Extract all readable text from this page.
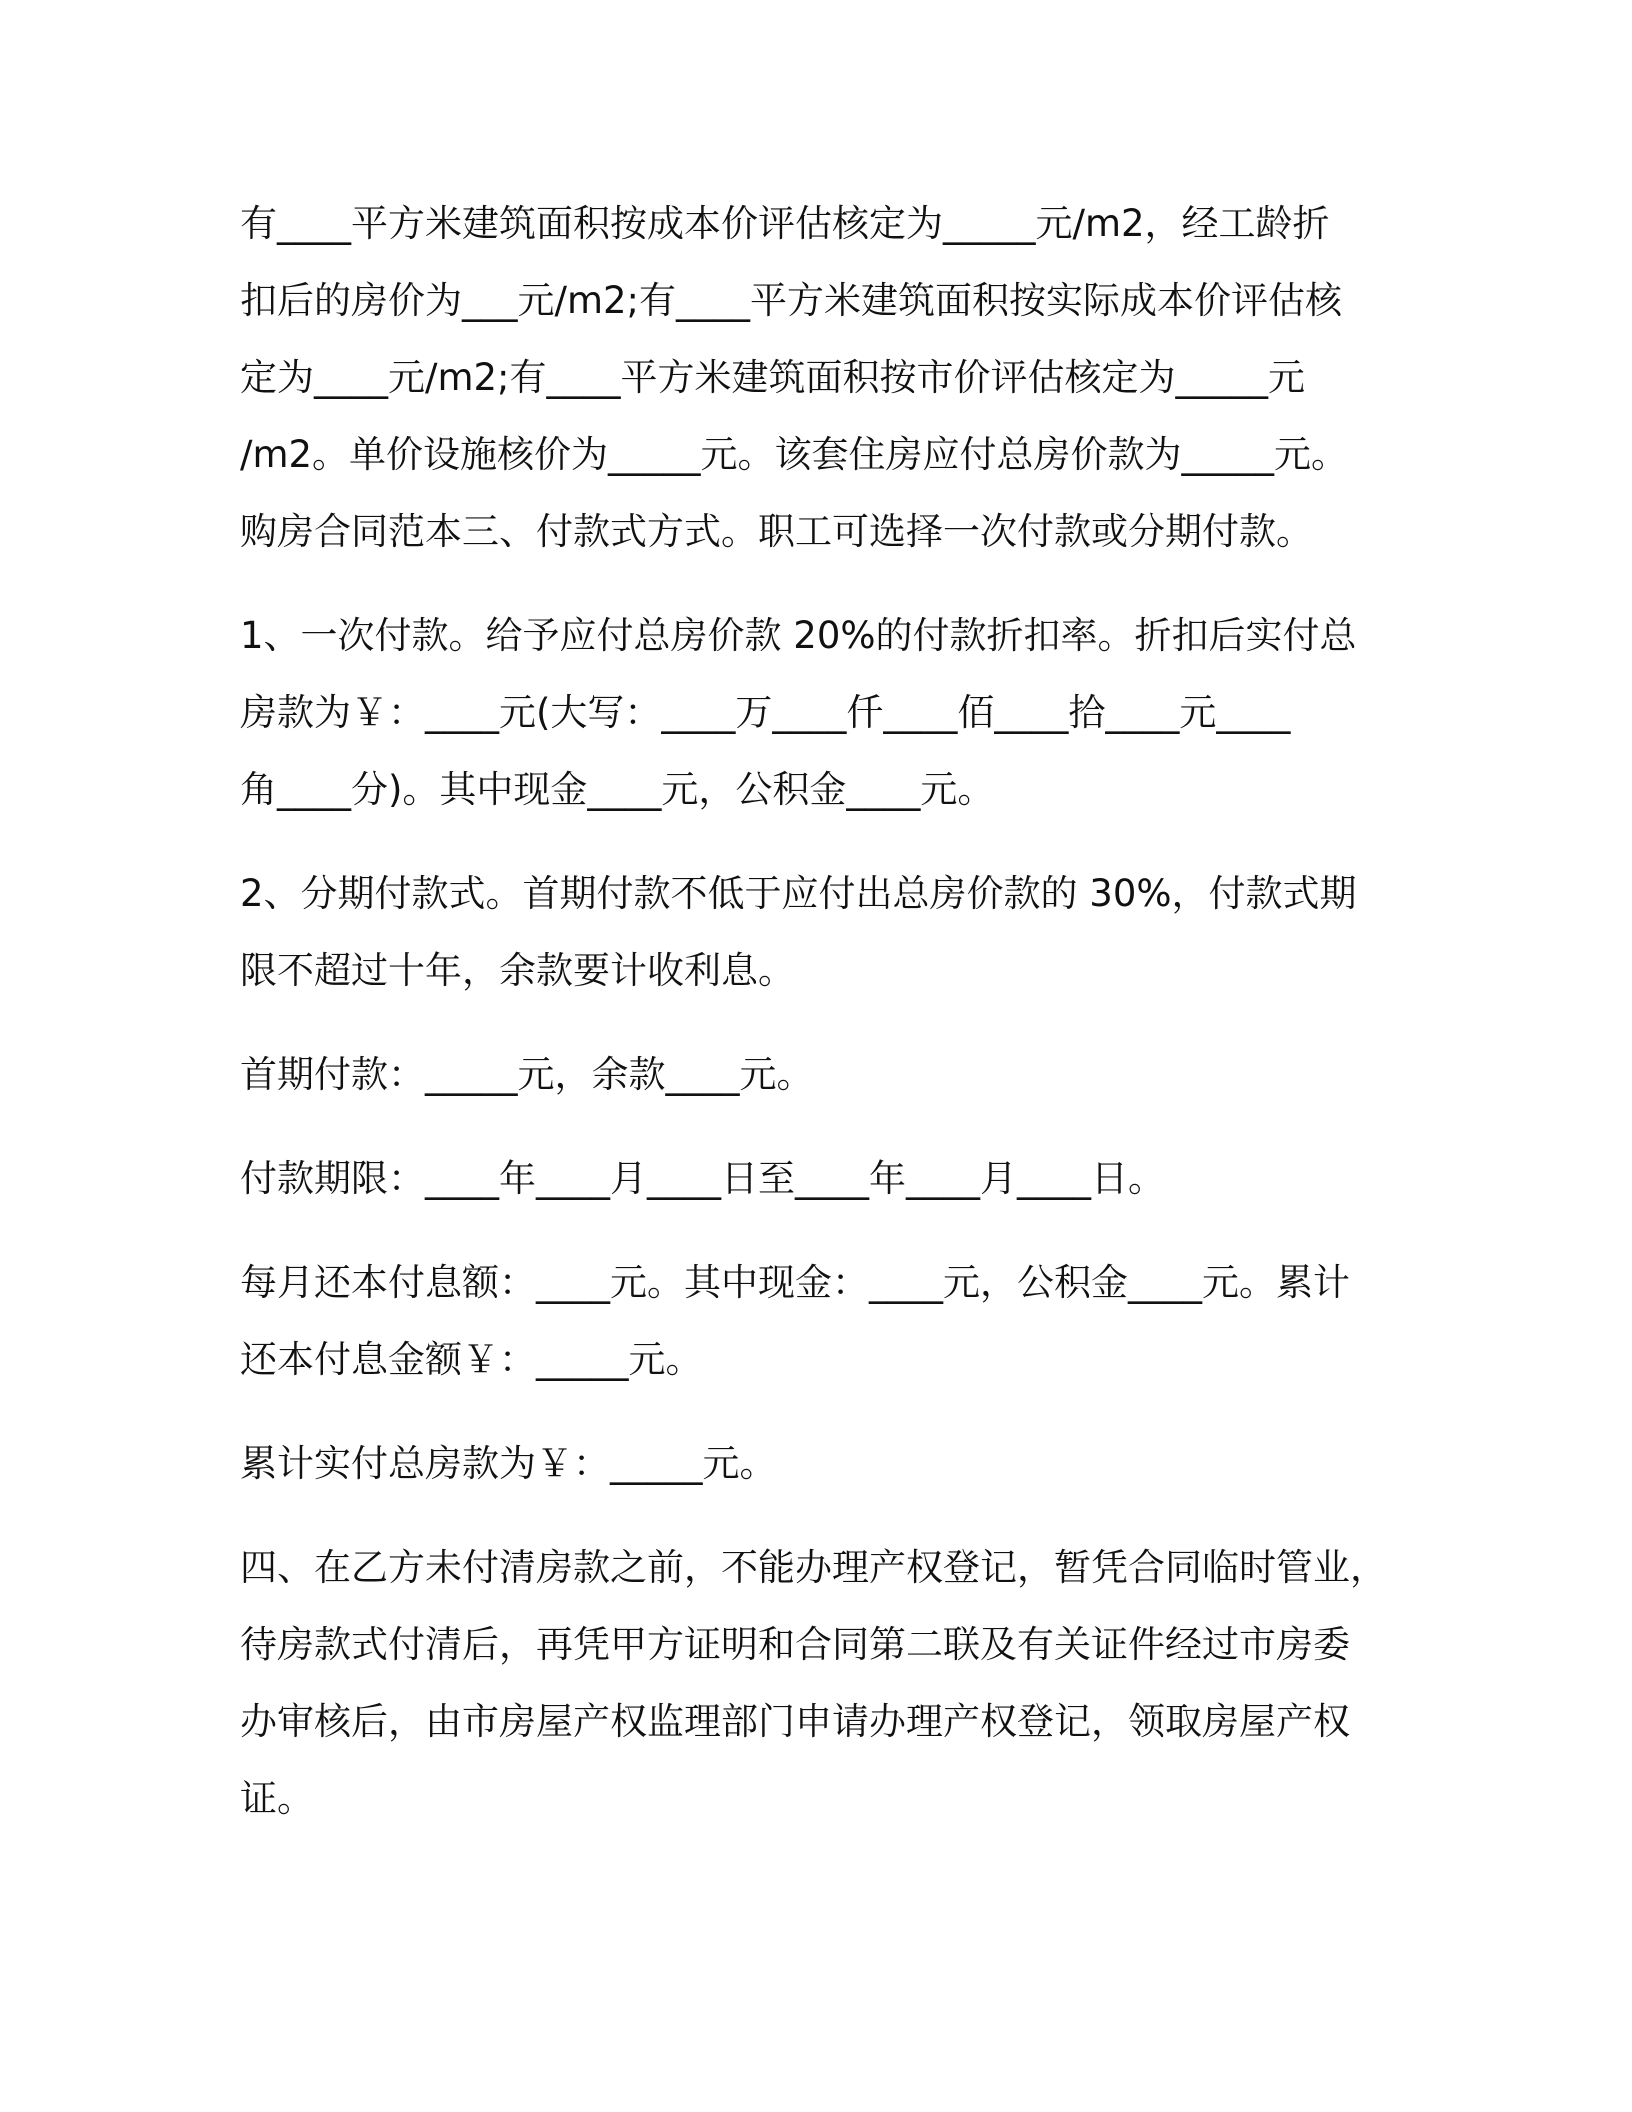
有____平方米建筑面积按成本价评估核定为_____元/m2，经工龄折
扣后的房价为___元/m2;有____平方米建筑面积按实际成本价评估核
定为____元/m2;有____平方米建筑面积按市价评估核定为_____元
/m2。单价设施核价为_____元。该套住房应付总房价款为_____元。
购房合同范本三、付款式方式。职工可选择一次付款或分期付款。
1、一次付款。给予应付总房价款 20%的付款折扣率。折扣后实付总
房款为￥：____元(大写：____万____仟____佰____拾____元____
角____分)。其中现金____元，公积金____元。
2、分期付款式。首期付款不低于应付出总房价款的 30%，付款式期
限不超过十年，余款要计收利息。
首期付款：_____元，余款____元。
付款期限：____年____月____日至____年____月____日。
每月还本付息额：____元。其中现金：____元，公积金____元。累计
还本付息金额￥：_____元。
累计实付总房款为￥：_____元。
四、在乙方未付清房款之前，不能办理产权登记，暂凭合同临时管业，
待房款式付清后，再凭甲方证明和合同第二联及有关证件经过市房委
办审核后，由市房屋产权监理部门申请办理产权登记，领取房屋产权
证。
